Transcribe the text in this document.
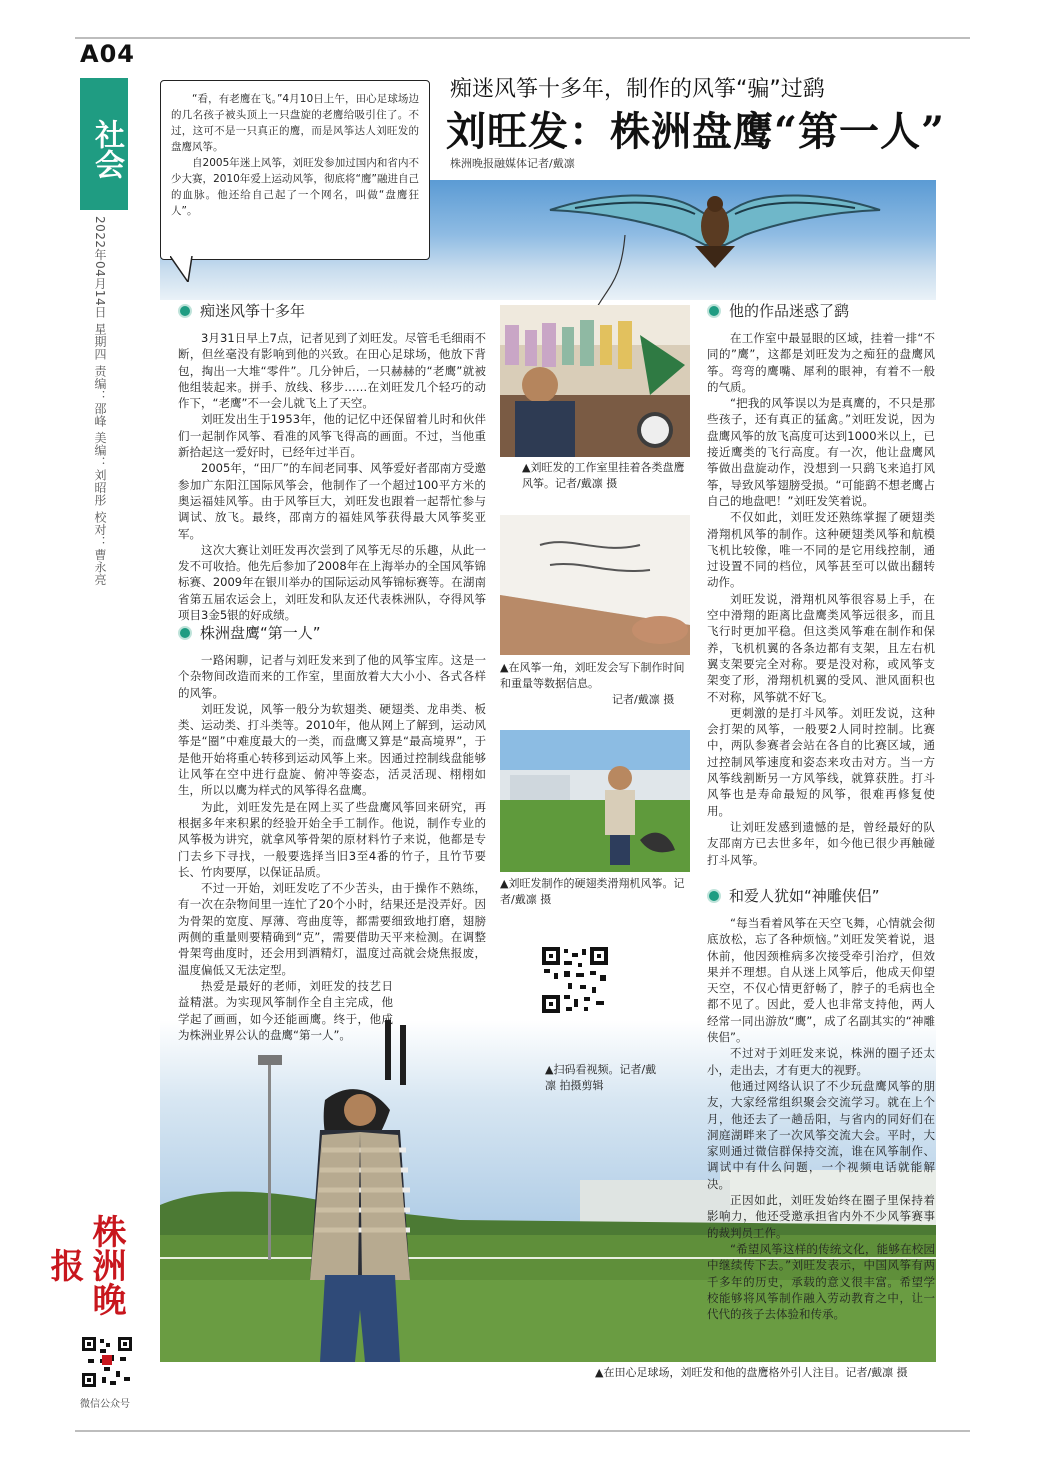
A04
社会
2022年04月14日 星期四 责编：邵峰 美编：刘昭彤 校对：曹永亮
株洲晚报
微信公众号

“看，有老鹰在飞。”4月10日上午，田心足球场边的几名孩子被头顶上一只盘旋的老鹰给吸引住了。不过，这可不是一只真正的鹰，而是风筝达人刘旺发的盘鹰风筝。

自2005年迷上风筝，刘旺发参加过国内和省内不少大赛，2010年爱上运动风筝，彻底将“鹰”融进自己的血脉。他还给自己起了一个网名，叫做“盘鹰狂人”。

痴迷风筝十多年，制作的风筝“骗”过鹞
刘旺发：株洲盘鹰“第一人”
株洲晚报融媒体记者/戴凛
痴迷风筝十多年

3月31日早上7点，记者见到了刘旺发。尽管毛毛细雨不断，但丝毫没有影响到他的兴致。在田心足球场，他放下背包，掏出一大堆“零件”。几分钟后，一只赫赫的“老鹰”就被他组装起来。拼手、放线、移步……在刘旺发几个轻巧的动作下，“老鹰”不一会儿就飞上了天空。

刘旺发出生于1953年，他的记忆中还保留着儿时和伙伴们一起制作风筝、看准的风筝飞得高的画面。不过，当他重新拾起这一爱好时，已经年过半百。

2005年，“田厂”的车间老同事、风筝爱好者邵南方受邀参加广东阳江国际风筝会，他制作了一个超过100平方米的奥运福娃风筝。由于风筝巨大，刘旺发也跟着一起帮忙参与调试、放飞。最终，邵南方的福娃风筝获得最大风筝奖亚军。

这次大赛让刘旺发再次尝到了风筝无尽的乐趣，从此一发不可收拾。他先后参加了2008年在上海举办的全国风筝锦标赛、2009年在银川举办的国际运动风筝锦标赛等。在湖南省第五届农运会上，刘旺发和队友还代表株洲队，夺得风筝项目3金5银的好成绩。

株洲盘鹰“第一人”

一路闲聊，记者与刘旺发来到了他的风筝宝库。这是一个杂物间改造而来的工作室，里面放着大大小小、各式各样的风筝。

刘旺发说，风筝一般分为软翅类、硬翅类、龙串类、板类、运动类、打斗类等。2010年，他从网上了解到，运动风筝是“圈”中难度最大的一类，而盘鹰又算是“最高境界”，于是他开始将重心转移到运动风筝上来。因通过控制线盘能够让风筝在空中进行盘旋、俯冲等姿态，活灵活现、栩栩如生，所以以鹰为样式的风筝得名盘鹰。

为此，刘旺发先是在网上买了些盘鹰风筝回来研究，再根据多年来积累的经验开始全手工制作。他说，制作专业的风筝极为讲究，就拿风筝骨架的原材料竹子来说，他都是专门去乡下寻找，一般要选择当旧3至4番的竹子，且竹节要长、竹肉要厚，以保证品质。

不过一开始，刘旺发吃了不少苦头，由于操作不熟练，有一次在杂物间里一连忙了20个小时，结果还是没弄好。因为骨架的宽度、厚薄、弯曲度等，都需要细致地打磨，翅膀两侧的重量则要精确到“克”，需要借助天平来检测。在调整骨架弯曲度时，还会用到酒精灯，温度过高就会烧焦报废，温度偏低又无法定型。

热爱是最好的老师，刘旺发的技艺日益精湛。为实现风筝制作全自主完成，他学起了画画，如今还能画鹰。终于，他成为株洲业界公认的盘鹰“第一人”。

▲刘旺发的工作室里挂着各类盘鹰风筝。记者/戴凛 摄
▲在风筝一角，刘旺发会写下制作时间和重量等数据信息。
记者/戴凛 摄
▲刘旺发制作的硬翅类滑翔机风筝。记者/戴凛 摄
▲扫码看视频。记者/戴凛 拍摄剪辑
他的作品迷惑了鹞

在工作室中最显眼的区域，挂着一排“不同的”鹰”，这都是刘旺发为之痴狂的盘鹰风筝。弯弯的鹰嘴、犀利的眼神，有着不一般的气质。

“把我的风筝误以为是真鹰的，不只是那些孩子，还有真正的猛禽。”刘旺发说，因为盘鹰风筝的放飞高度可达到1000米以上，已接近鹰类的飞行高度。有一次，他让盘鹰风筝做出盘旋动作，没想到一只鹞飞来追打风筝，导致风筝翅膀受损。“可能鹞不想老鹰占自己的地盘吧！”刘旺发笑着说。

不仅如此，刘旺发还熟练掌握了硬翅类滑翔机风筝的制作。这种硬翅类风筝和航模飞机比较像，唯一不同的是它用线控制，通过设置不同的档位，风筝甚至可以做出翻转动作。

刘旺发说，滑翔机风筝很容易上手，在空中滑翔的距离比盘鹰类风筝远很多，而且飞行时更加平稳。但这类风筝难在制作和保养，飞机机翼的各条边都有支架，且左右机翼支架要完全对称。要是没对称，或风筝支架变了形，滑翔机机翼的受风、泄风面积也不对称，风筝就不好飞。

更刺激的是打斗风筝。刘旺发说，这种会打架的风筝，一般要2人同时控制。比赛中，两队参赛者会站在各自的比赛区域，通过控制风筝速度和姿态来攻击对方。当一方风筝线割断另一方风筝线，就算获胜。打斗风筝也是寿命最短的风筝，很难再修复使用。

让刘旺发感到遗憾的是，曾经最好的队友邵南方已去世多年，如今他已很少再触碰打斗风筝。

和爱人犹如“神雕侠侣”

“每当看着风筝在天空飞舞，心情就会彻底放松，忘了各种烦恼。”刘旺发笑着说，退休前，他因颈椎病多次接受牵引治疗，但效果并不理想。自从迷上风筝后，他成天仰望天空，不仅心情更舒畅了，脖子的毛病也全都不见了。因此，爱人也非常支持他，两人经常一同出游放“鹰”，成了名副其实的“神雕侠侣”。

不过对于刘旺发来说，株洲的圈子还太小，走出去，才有更大的视野。

他通过网络认识了不少玩盘鹰风筝的朋友，大家经常组织聚会交流学习。就在上个月，他还去了一趟岳阳，与省内的同好们在洞庭湖畔来了一次风筝交流大会。平时，大家则通过微信群保持交流，谁在风筝制作、调试中有什么问题，一个视频电话就能解决。

正因如此，刘旺发始终在圈子里保持着影响力，他还受邀承担省内外不少风筝赛事的裁判员工作。

“希望风筝这样的传统文化，能够在校园中继续传下去。”刘旺发表示，中国风筝有两千多年的历史，承载的意义很丰富。希望学校能够将风筝制作融入劳动教育之中，让一代代的孩子去体验和传承。

▲在田心足球场，刘旺发和他的盘鹰格外引人注目。记者/戴凛 摄
